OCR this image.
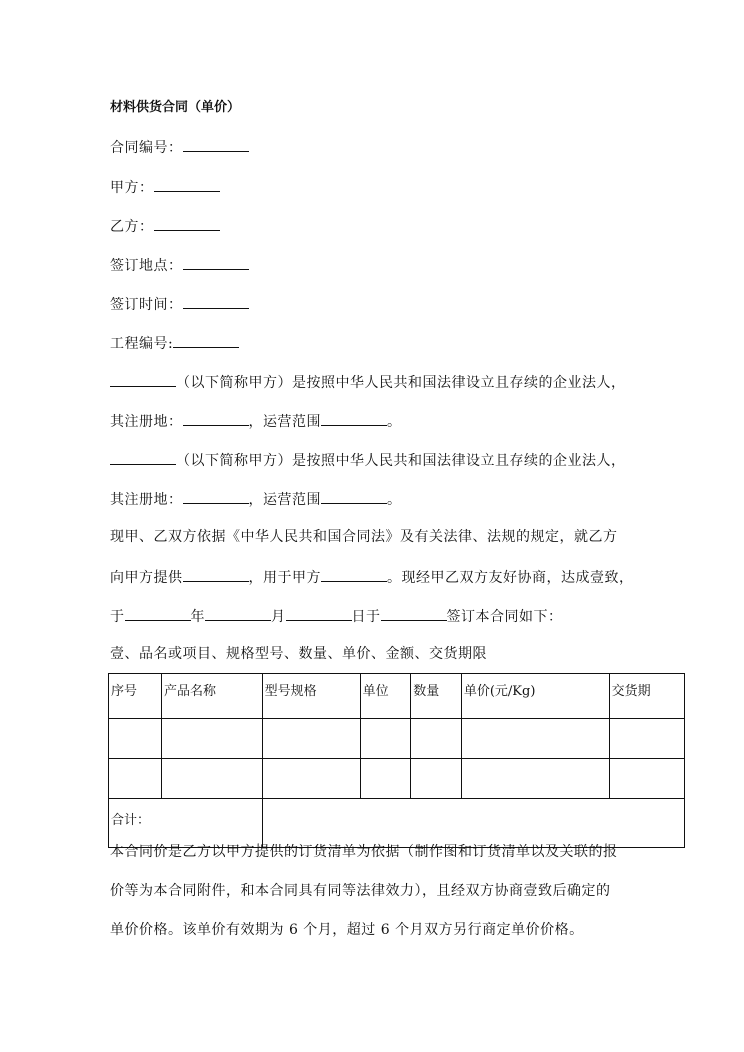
材料供货合同（单价）
合同编号：
甲方：
乙方：
签订地点：
签订时间：
工程编号:
（以下简称甲方）是按照中华人民共和国法律设立且存续的企业法人，
其注册地：	，运营范围	。
（以下简称甲方）是按照中华人民共和国法律设立且存续的企业法人，
其注册地：	，运营范围	。
现甲、乙双方依据《中华人民共和国合同法》及有关法律、法规的规定，就乙方
向甲方提供	，用于甲方	。现经甲乙双方友好协商，达成壹致，
于	年	月	日于	签订本合同如下：
壹、品名或项目、规格型号、数量、单价、金额、交货期限
序号	产品名称	型号规格	单位	数量	单价(元/Kg)	交货期

合计：						
本合同价是乙方以甲方提供的订货清单为依据（制作图和订货清单以及关联的报
价等为本合同附件，和本合同具有同等法律效力），且经双方协商壹致后确定的
单价价格。该单价有效期为 6 个月，超过 6 个月双方另行商定单价价格。
